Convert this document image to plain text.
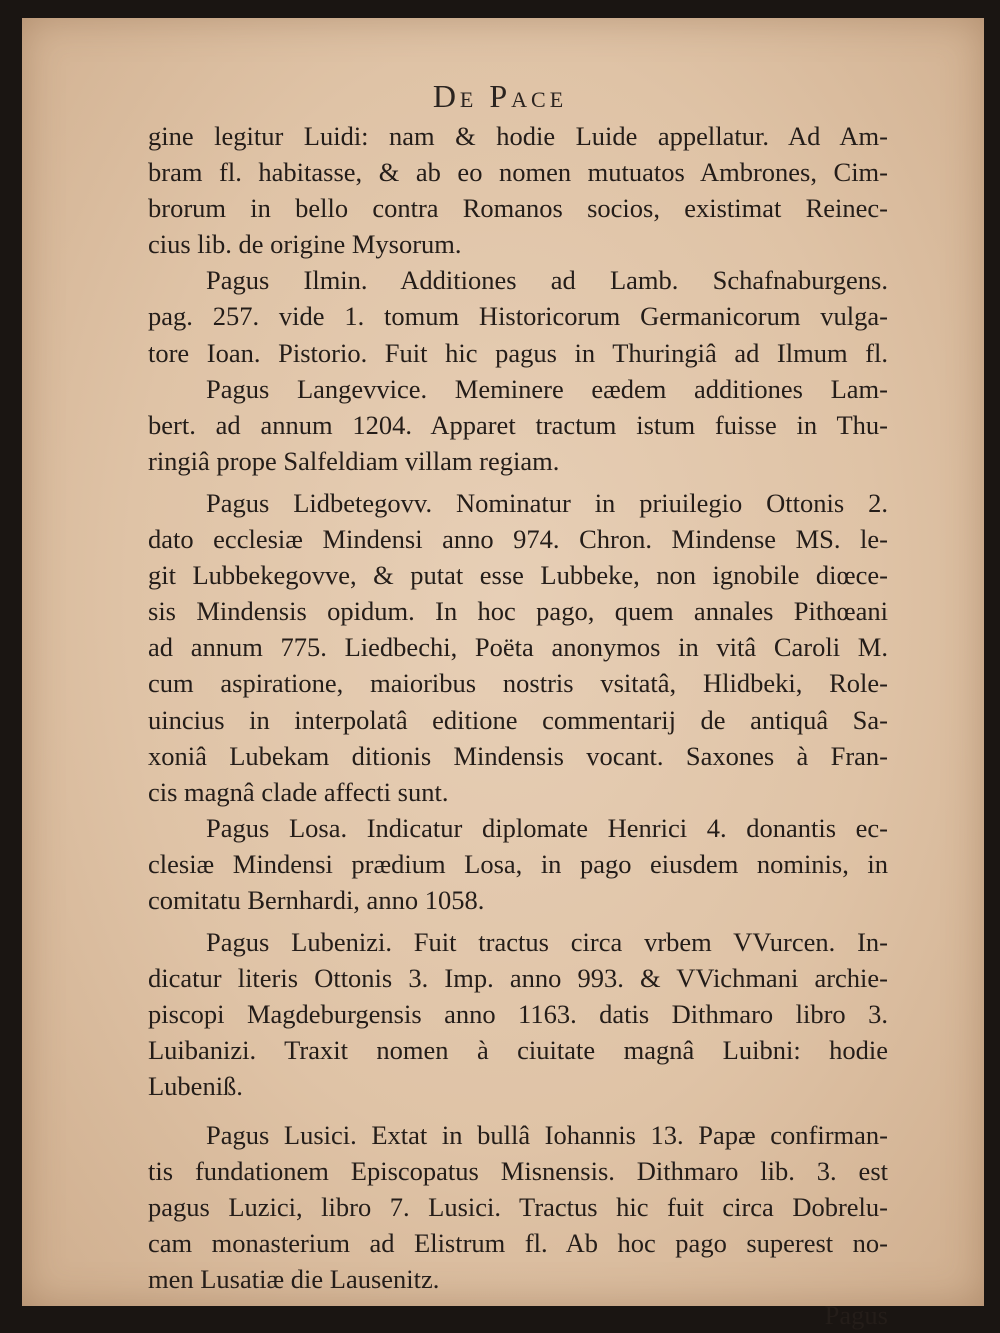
De Pace
gine legitur Luidi: nam & hodie Luide appellatur. Ad Am-
bram fl. habitasse, & ab eo nomen mutuatos Ambrones, Cim-
brorum in bello contra Romanos socios, existimat Reinec-
cius lib. de origine Mysorum.
Pagus Ilmin. Additiones ad Lamb. Schafnaburgens.
pag. 257. vide 1. tomum Historicorum Germanicorum vulga-
tore Ioan. Pistorio. Fuit hic pagus in Thuringiâ ad Ilmum fl.
Pagus Langevvice. Meminere eædem additiones Lam-
bert. ad annum 1204. Apparet tractum istum fuisse in Thu-
ringiâ prope Salfeldiam villam regiam.
Pagus Lidbetegovv. Nominatur in priuilegio Ottonis 2.
dato ecclesiæ Mindensi anno 974. Chron. Mindense MS. le-
git Lubbekegovve, & putat esse Lubbeke, non ignobile diœce-
sis Mindensis opidum. In hoc pago, quem annales Pithœani
ad annum 775. Liedbechi, Poëta anonymos in vitâ Caroli M.
cum aspiratione, maioribus nostris vsitatâ, Hlidbeki, Role-
uincius in interpolatâ editione commentarij de antiquâ Sa-
xoniâ Lubekam ditionis Mindensis vocant. Saxones à Fran-
cis magnâ clade affecti sunt.
Pagus Losa. Indicatur diplomate Henrici 4. donantis ec-
clesiæ Mindensi prædium Losa, in pago eiusdem nominis, in
comitatu Bernhardi, anno 1058.
Pagus Lubenizi. Fuit tractus circa vrbem VVurcen. In-
dicatur literis Ottonis 3. Imp. anno 993. & VVichmani archie-
piscopi Magdeburgensis anno 1163. datis Dithmaro libro 3.
Luibanizi. Traxit nomen à ciuitate magnâ Luibni: hodie
Lubeniß.
Pagus Lusici. Extat in bullâ Iohannis 13. Papæ confirman-
tis fundationem Episcopatus Misnensis. Dithmaro lib. 3. est
pagus Luzici, libro 7. Lusici. Tractus hic fuit circa Dobrelu-
cam monasterium ad Elistrum fl. Ab hoc pago superest no-
men Lusatiæ die Lausenitz.
Pagus
